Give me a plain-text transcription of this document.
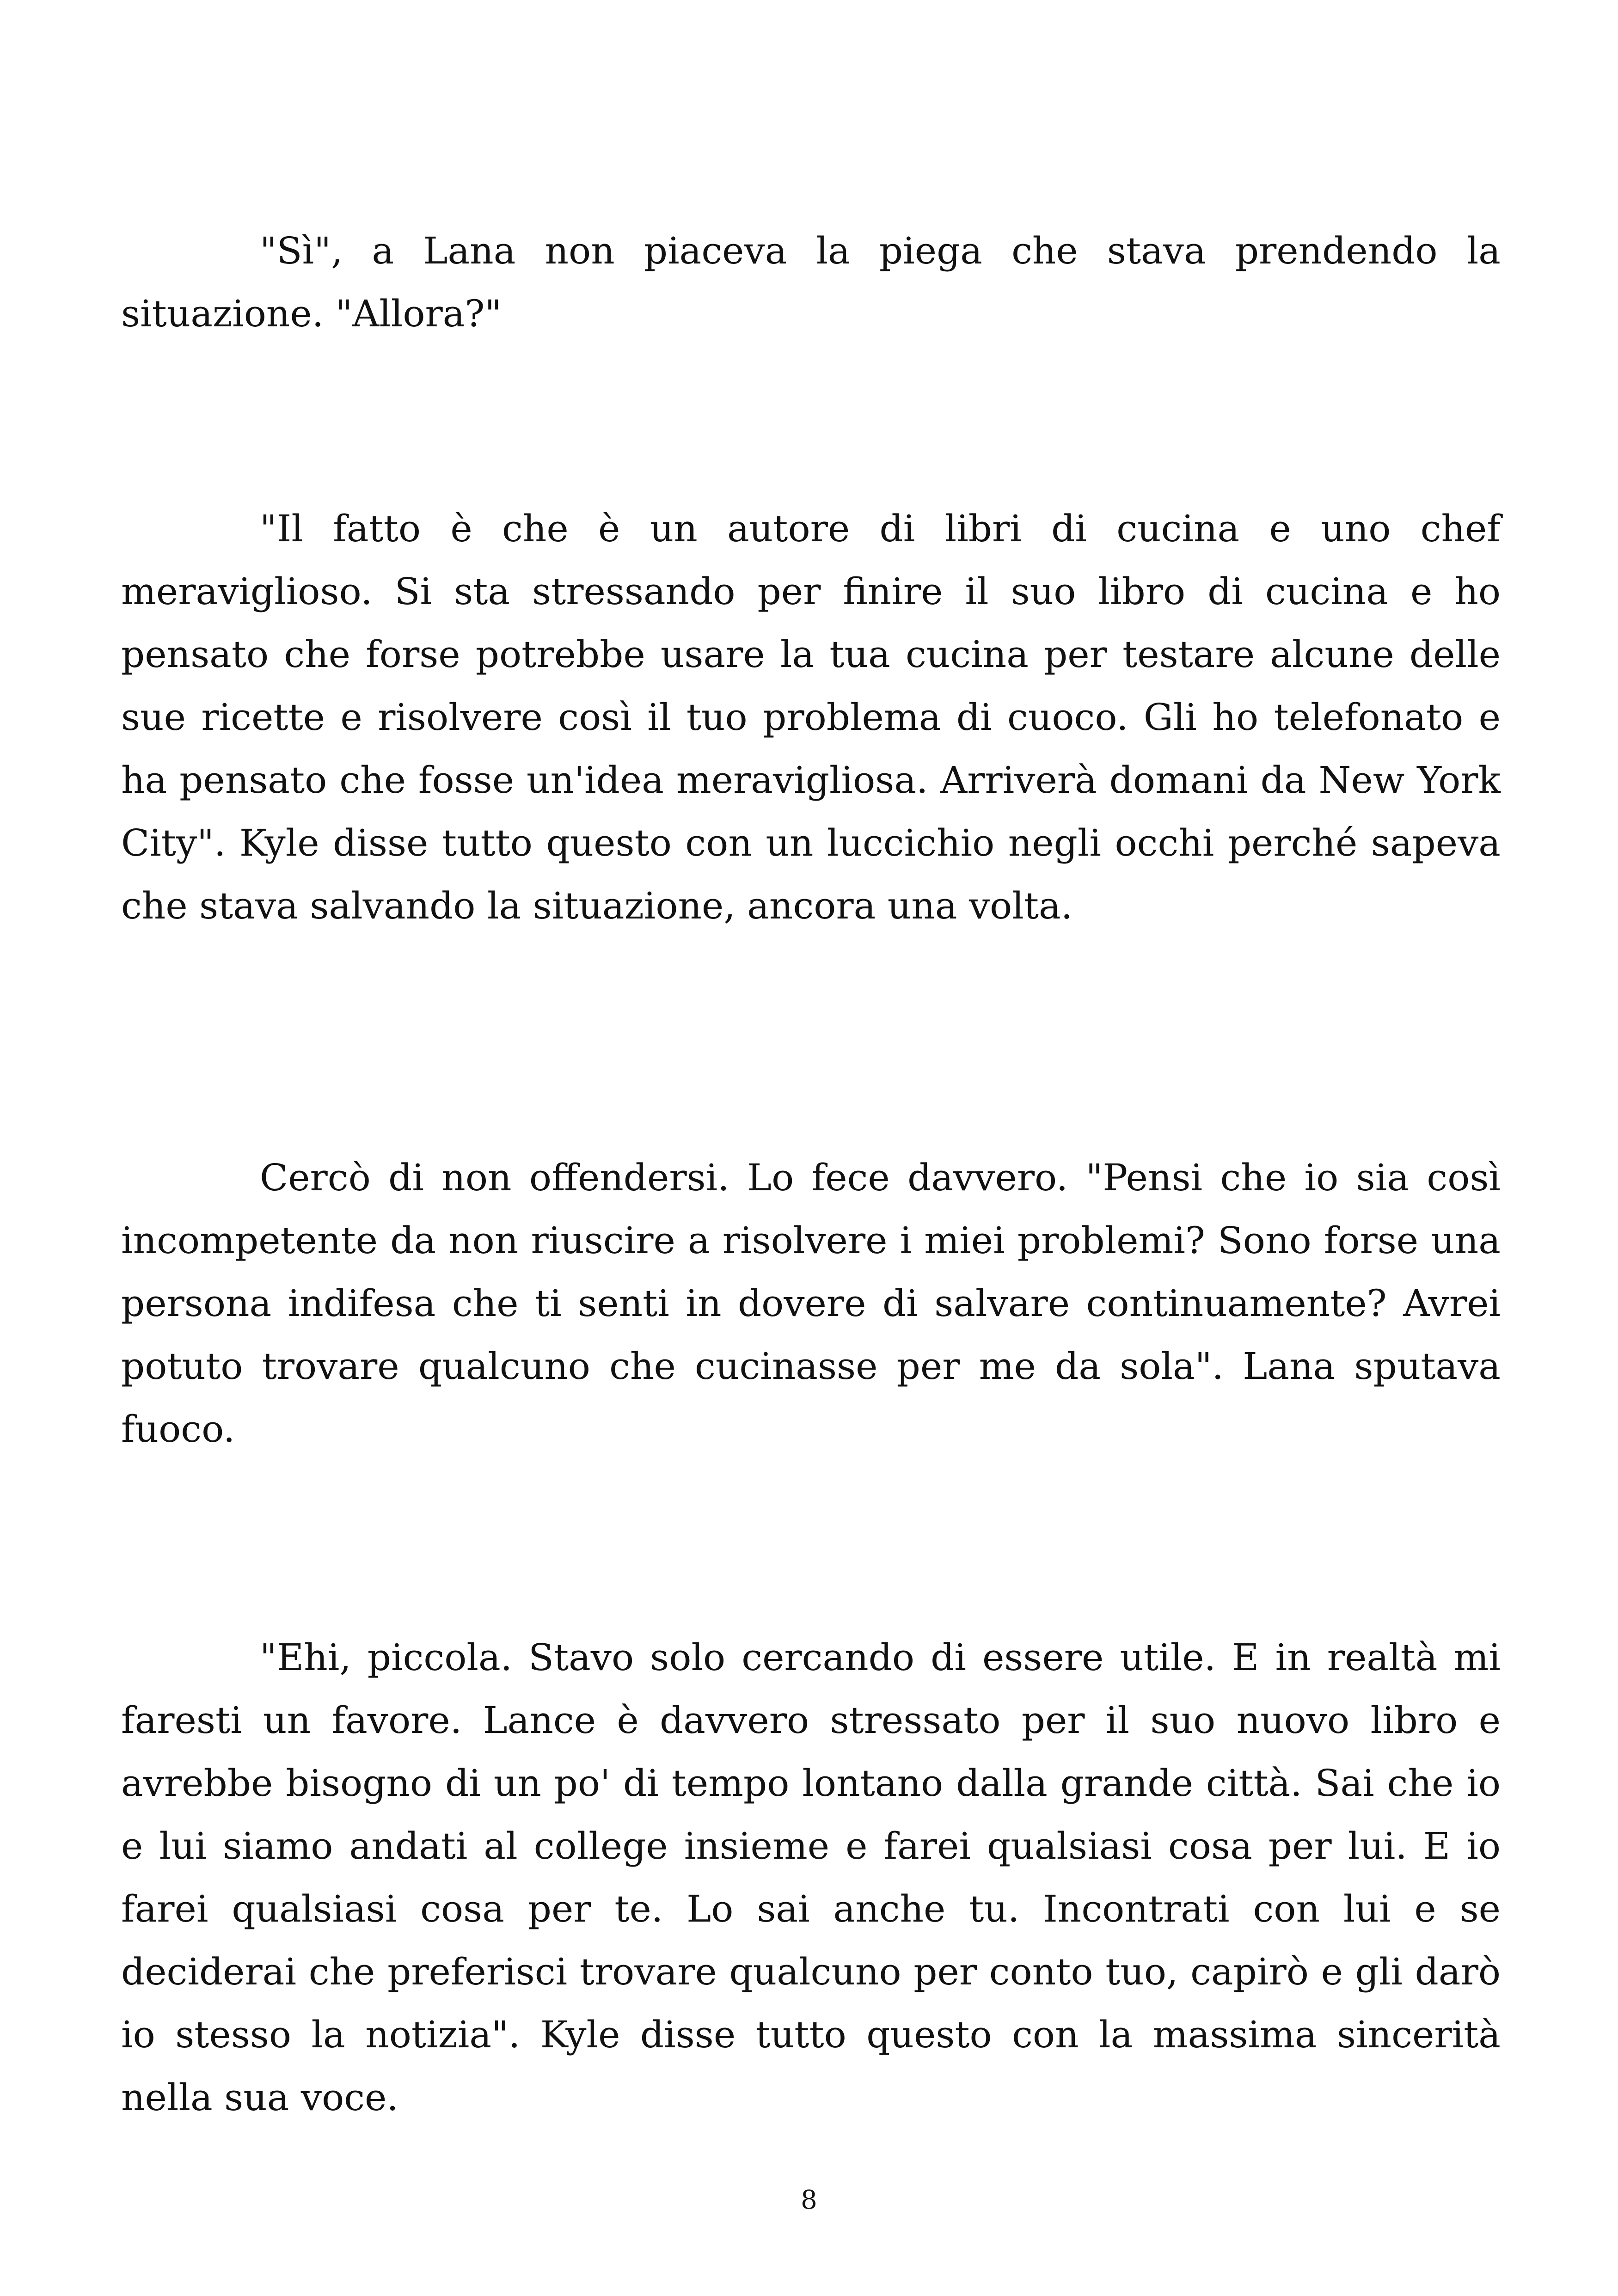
"Sì", a Lana non piaceva la piega che stava prendendo la situazione. "Allora?"

"Il fatto è che è un autore di libri di cucina e uno chef meraviglioso. Si sta stressando per finire il suo libro di cucina e ho pensato che forse potrebbe usare la tua cucina per testare alcune delle sue ricette e risolvere così il tuo problema di cuoco. Gli ho telefonato e ha pensato che fosse un'idea meravigliosa. Arriverà domani da New York City". Kyle disse tutto questo con un luccichio negli occhi perché sapeva che stava salvando la situazione, ancora una volta.

Cercò di non offendersi. Lo fece davvero. "Pensi che io sia così incompetente da non riuscire a risolvere i miei problemi? Sono forse una persona indifesa che ti senti in dovere di salvare continuamente? Avrei potuto trovare qualcuno che cucinasse per me da sola". Lana sputava fuoco.

"Ehi, piccola. Stavo solo cercando di essere utile. E in realtà mi faresti un favore. Lance è davvero stressato per il suo nuovo libro e avrebbe bisogno di un po' di tempo lontano dalla grande città. Sai che io e lui siamo andati al college insieme e farei qualsiasi cosa per lui. E io farei qualsiasi cosa per te. Lo sai anche tu. Incontrati con lui e se deciderai che preferisci trovare qualcuno per conto tuo, capirò e gli darò io stesso la notizia". Kyle disse tutto questo con la massima sincerità nella sua voce.

8
